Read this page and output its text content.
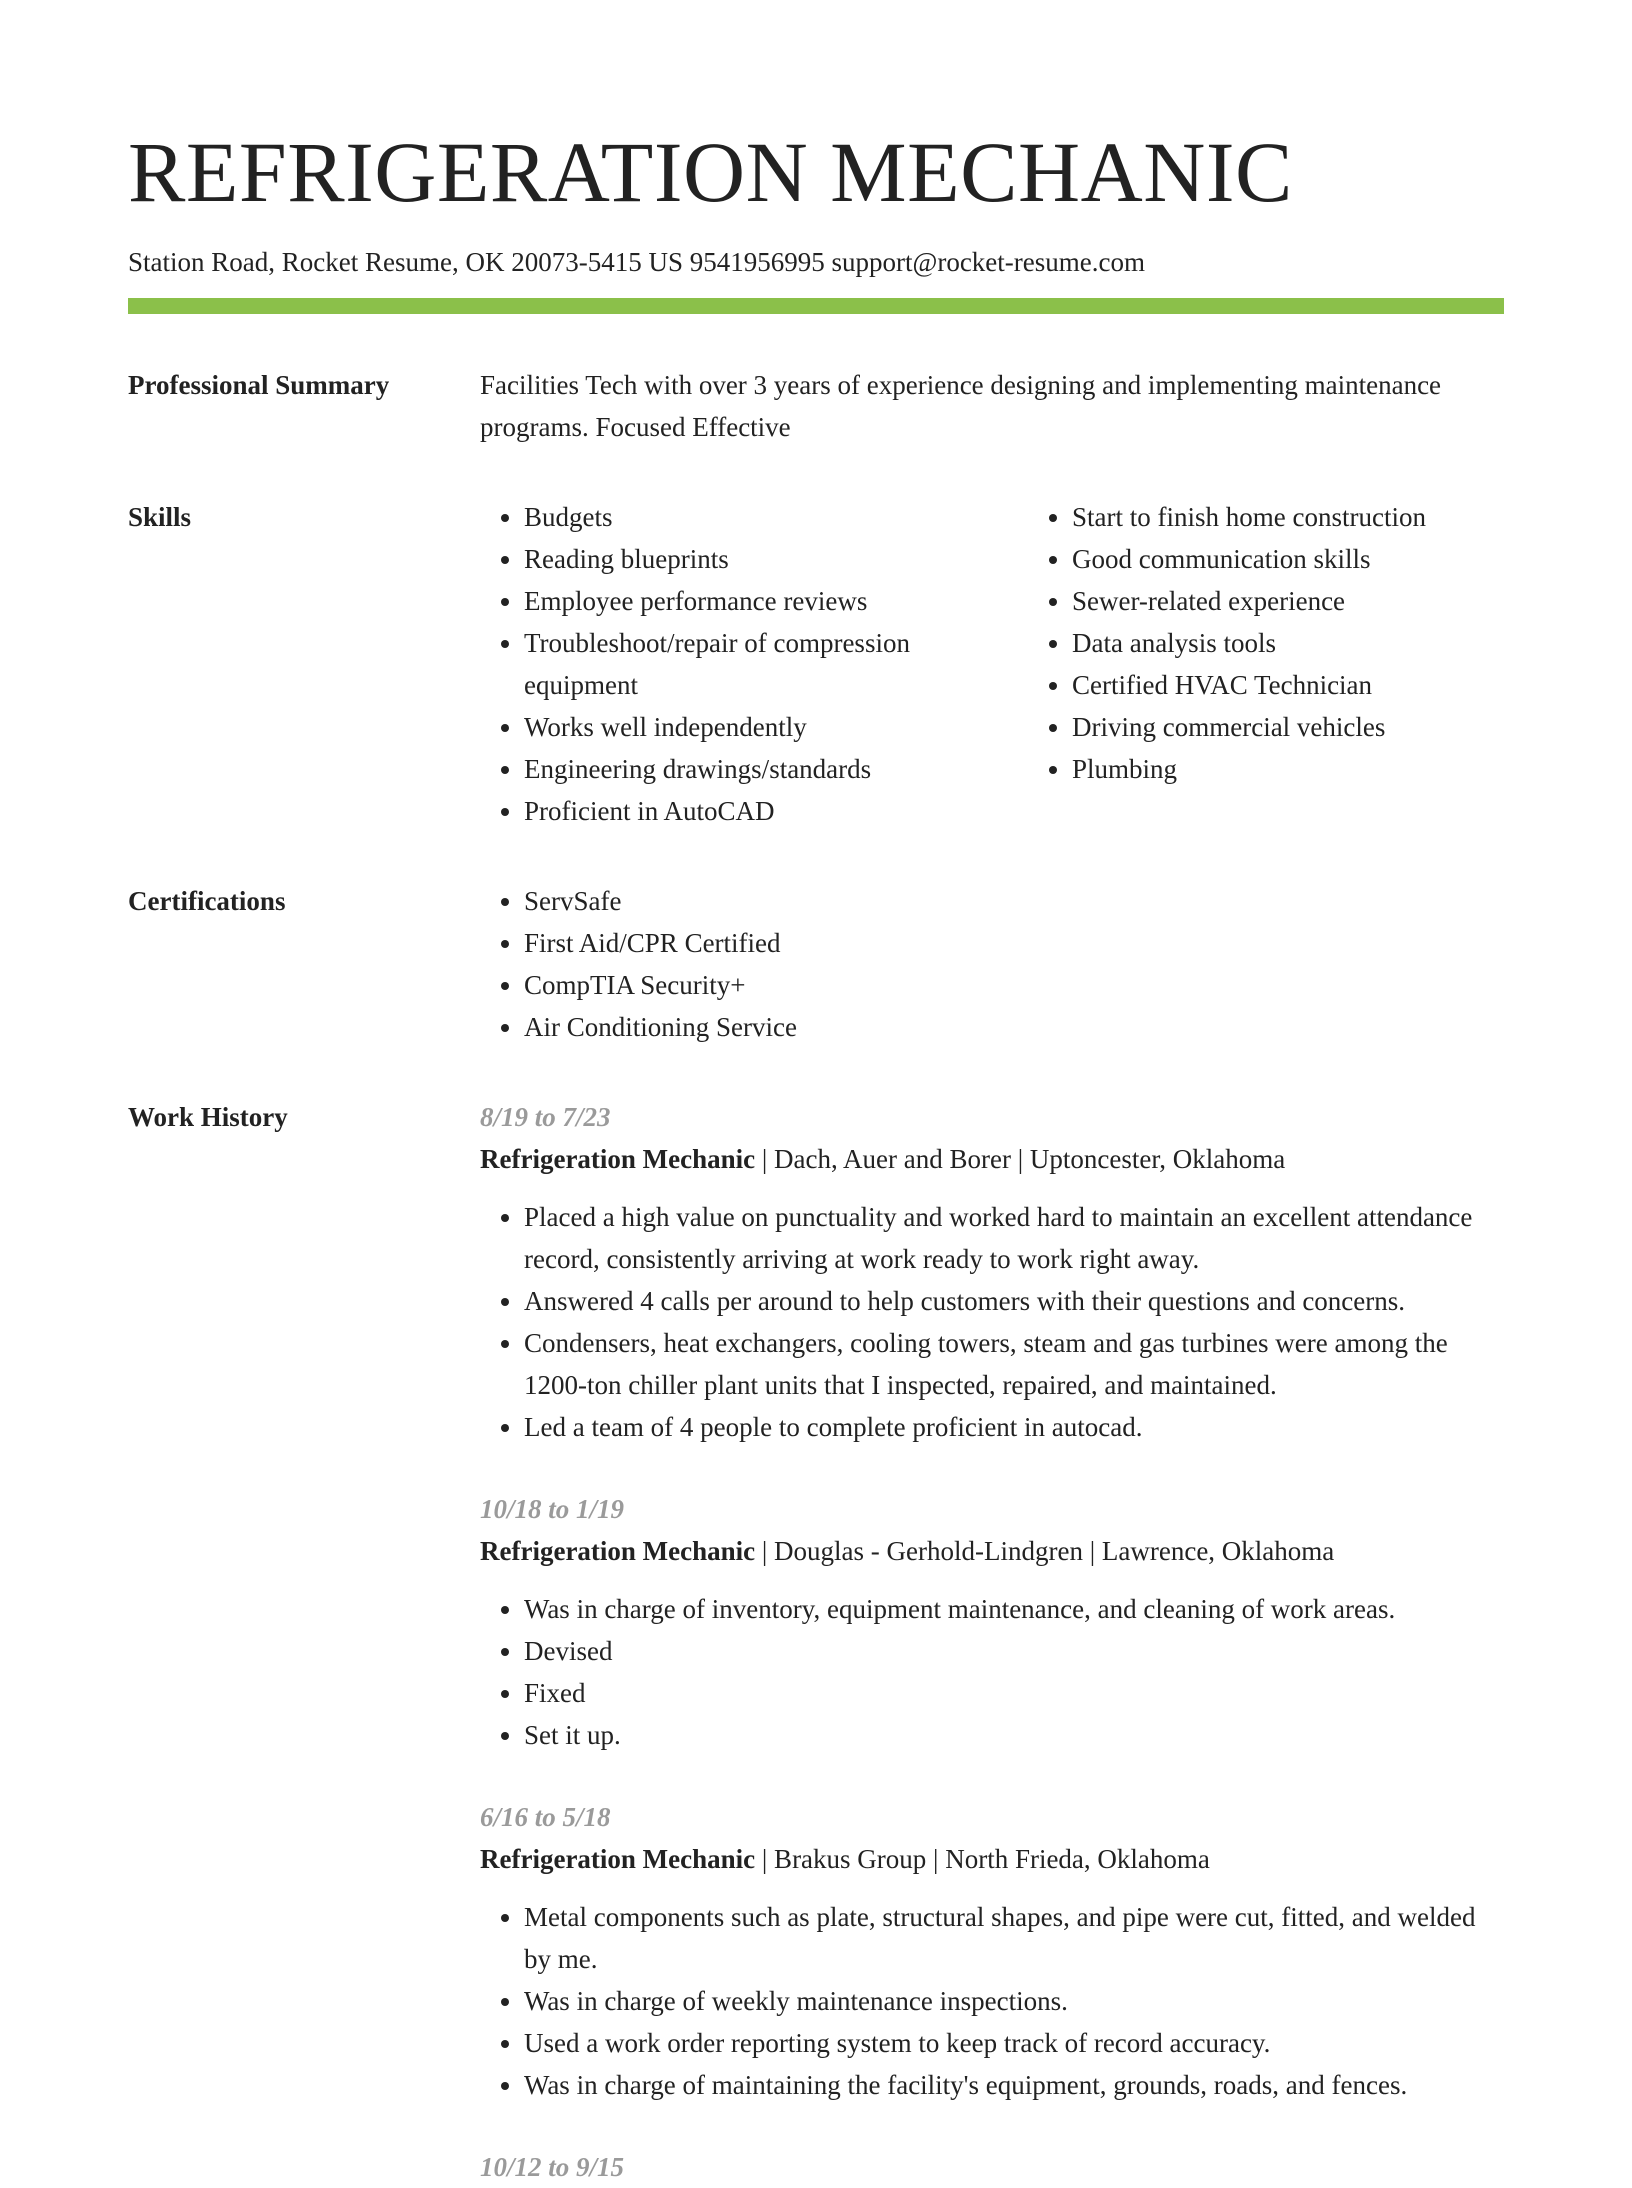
REFRIGERATION MECHANIC
Station Road, Rocket Resume, OK 20073-5415 US 9541956995 support@rocket-resume.com
Professional Summary	Facilities Tech with over 3 years of experience designing and implementing maintenance programs. Focused Effective

Skills	• Budgets
• Reading blueprints
• Employee performance reviews
• Troubleshoot/repair of compression equipment
• Works well independently
• Engineering drawings/standards
• Proficient in AutoCAD
• Start to finish home construction
• Good communication skills
• Sewer-related experience
• Data analysis tools
• Certified HVAC Technician
• Driving commercial vehicles
• Plumbing
Certifications	• ServSafe
• First Aid/CPR Certified
• CompTIA Security+
• Air Conditioning Service
Work History	8/19 to 7/23
Refrigeration Mechanic | Dach, Auer and Borer | Uptoncester, Oklahoma
• Placed a high value on punctuality and worked hard to maintain an excellent attendance record, consistently arriving at work ready to work right away.
• Answered 4 calls per around to help customers with their questions and concerns.
• Condensers, heat exchangers, cooling towers, steam and gas turbines were among the 1200-ton chiller plant units that I inspected, repaired, and maintained.
• Led a team of 4 people to complete proficient in autocad.
10/18 to 1/19
Refrigeration Mechanic | Douglas - Gerhold-Lindgren | Lawrence, Oklahoma
• Was in charge of inventory, equipment maintenance, and cleaning of work areas.
• Devised
• Fixed
• Set it up.
6/16 to 5/18
Refrigeration Mechanic | Brakus Group | North Frieda, Oklahoma
• Metal components such as plate, structural shapes, and pipe were cut, fitted, and welded by me.
• Was in charge of weekly maintenance inspections.
• Used a work order reporting system to keep track of record accuracy.
• Was in charge of maintaining the facility's equipment, grounds, roads, and fences.
10/12 to 9/15
